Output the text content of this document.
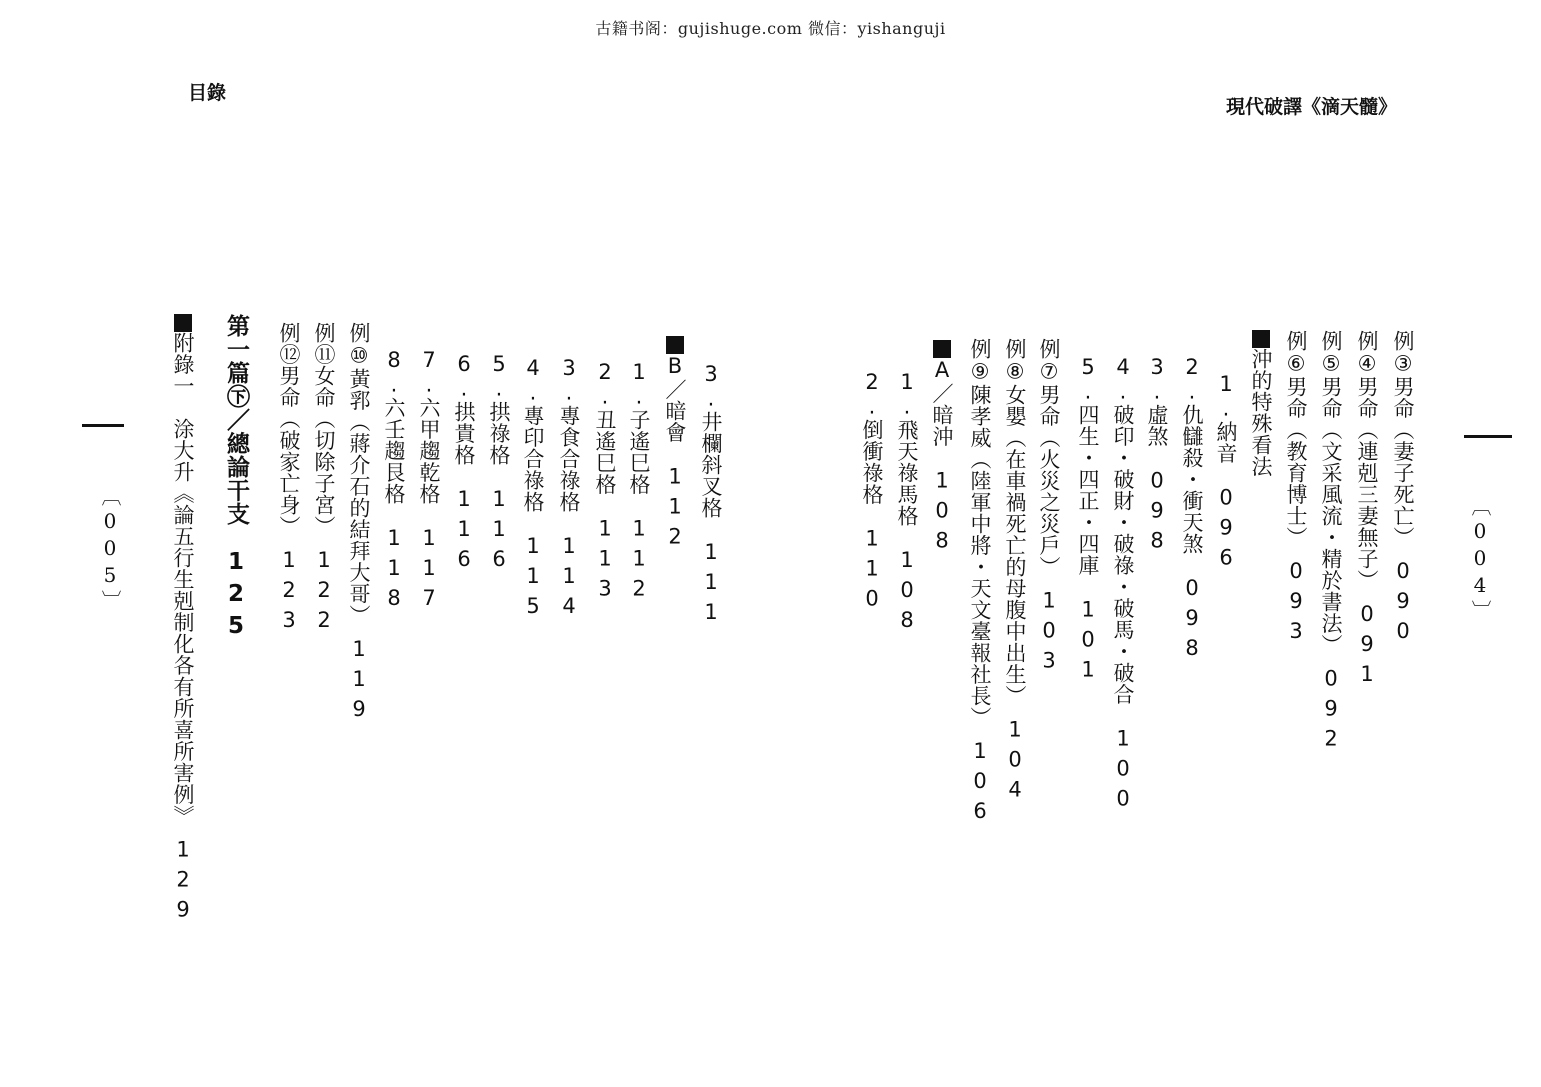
古籍书阁：gujishuge.com 微信：yishanguji
目錄
現代破譯《滴天髓》
〔005〕	〔004〕
例③男命（妻子死亡）　090
例④男命（連剋三妻無子）　091
例⑤男命（文采風流・精於書法）　092
例⑥男命（教育博士）　093
沖的特殊看法
1.納音　096
2.仇讎殺・衝天煞　098
3.虛煞　098
4.破印・破財・破祿・破馬・破合　100
5.四生・四正・四庫　101
例⑦男命（火災之災戶）　103
例⑧女嬰（在車禍死亡的母腹中出生）　104
例⑨陳孝威（陸軍中將・天文臺報社長）　106
A／暗沖　108
1.飛天祿馬格　108
2.倒衝祿格　110
3.井欄斜叉格　111
B／暗會　112
1.子遙巳格　112
2.丑遙巳格　113
3.專食合祿格　114
4.專印合祿格　115
5.拱祿格　116
6.拱貴格　116
7.六甲趨乾格　117
8.六壬趨艮格　118
例⑩黃郛（蔣介石的結拜大哥）　119
例⑪女命（切除子宮）　122
例⑫男命（破家亡身）　123
第一篇㊦／總論干支　125
附錄一　涂大升《論五行生剋制化各有所喜所害例》　129
